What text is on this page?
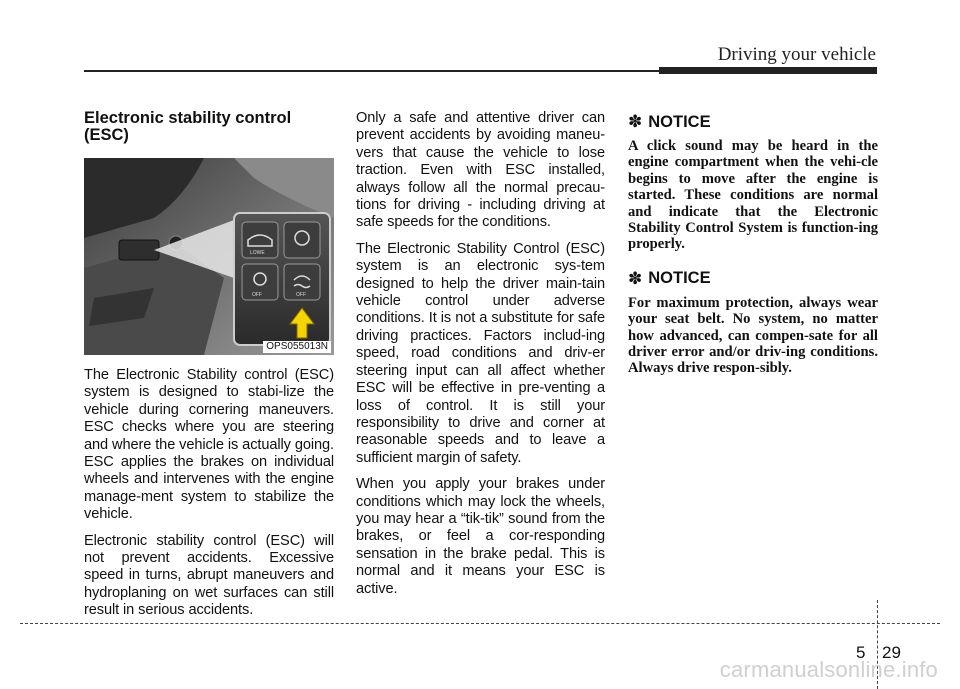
Driving your vehicle
Electronic stability control (ESC)
LOWE
OFF	OFF
OPS055013N

The Electronic Stability control (ESC) system is designed to stabi-lize the vehicle during cornering maneuvers. ESC checks where you are steering and where the vehicle is actually going. ESC applies the brakes on individual wheels and intervenes with the engine manage-ment system to stabilize the vehicle.

Electronic stability control (ESC) will not prevent accidents. Excessive speed in turns, abrupt maneuvers and hydroplaning on wet surfaces can still result in serious accidents.

Only a safe and attentive driver can prevent accidents by avoiding maneu-vers that cause the vehicle to lose traction. Even with ESC installed, always follow all the normal precau-tions for driving - including driving at safe speeds for the conditions.

The Electronic Stability Control (ESC) system is an electronic sys-tem designed to help the driver main-tain vehicle control under adverse conditions. It is not a substitute for safe driving practices. Factors includ-ing speed, road conditions and driv-er steering input can all affect whether ESC will be effective in pre-venting a loss of control. It is still your responsibility to drive and corner at reasonable speeds and to leave a sufficient margin of safety.

When you apply your brakes under conditions which may lock the wheels, you may hear a “tik-tik” sound from the brakes, or feel a cor-responding sensation in the brake pedal. This is normal and it means your ESC is active.

✽ NOTICE

A click sound may be heard in the engine compartment when the vehi-cle begins to move after the engine is started. These conditions are normal and indicate that the Electronic Stability Control System is function-ing properly.

✽ NOTICE

For maximum protection, always wear your seat belt. No system, no matter how advanced, can compen-sate for all driver error and/or driv-ing conditions. Always drive respon-sibly.

5 29
carmanualsonline.info
